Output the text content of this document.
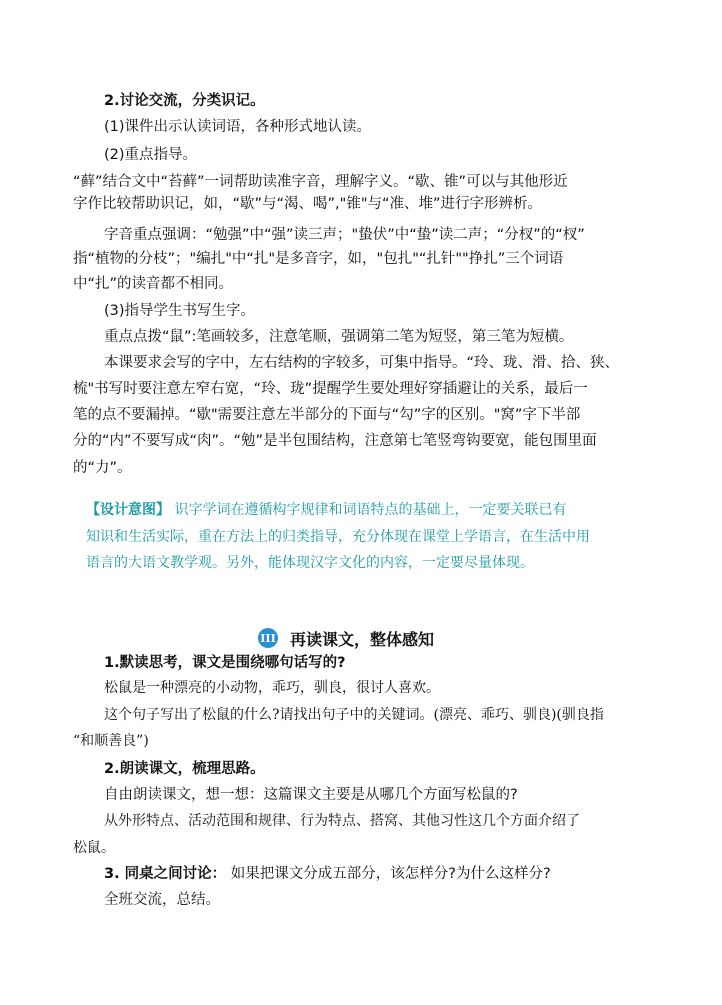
2.讨论交流，分类识记。
(1)课件出示认读词语，各种形式地认读。
(2)重点指导。
“藓”结合文中“苔藓”一词帮助读准字音，理解字义。“歇、锥”可以与其他形近
字作比较帮助识记，如，“歇”与“渴、喝”,"锥"与“准、堆”进行字形辨析。
字音重点强调：“勉强”中“强”读三声；"蛰伏”中“蛰”读二声；“分杈”的“杈”
指“植物的分枝”；"编扎"中“扎"是多音字，如，"包扎"“扎针""挣扎”三个词语
中“扎”的读音都不相同。
(3)指导学生书写生字。
重点点拨“鼠”:笔画较多，注意笔顺，强调第二笔为短竖，第三笔为短横。
本课要求会写的字中，左右结构的字较多，可集中指导。“玲、珑、滑、拾、狭、
梳"书写时要注意左窄右宽，“玲、珑”提醒学生要处理好穿插避让的关系，最后一
笔的点不要漏掉。“歇"需要注意左半部分的下面与“勾”字的区别。"窝”字下半部
分的“内”不要写成“肉”。“勉”是半包围结构，注意第七笔竖弯钩要宽，能包围里面
的“力”。
【设计意图】 识字学词在遵循构字规律和词语特点的基础上，一定要关联已有
知识和生活实际，重在方法上的归类指导，充分体现在课堂上学语言，在生活中用
语言的大语文教学观。另外，能体现汉字文化的内容，一定要尽量体现。
III 再读课文，整体感知
1.默读思考，课文是围绕哪句话写的?
松鼠是一种漂亮的小动物，乖巧，驯良，很讨人喜欢。
这个句子写出了松鼠的什么?请找出句子中的关键词。(漂亮、乖巧、驯良)(驯良指
“和顺善良”)
2.朗读课文，梳理思路。
自由朗读课文，想一想：这篇课文主要是从哪几个方面写松鼠的?
从外形特点、活动范围和规律、行为特点、搭窝、其他习性这几个方面介绍了
松鼠。
3. 同桌之间讨论： 如果把课文分成五部分，该怎样分?为什么这样分?
全班交流，总结。
